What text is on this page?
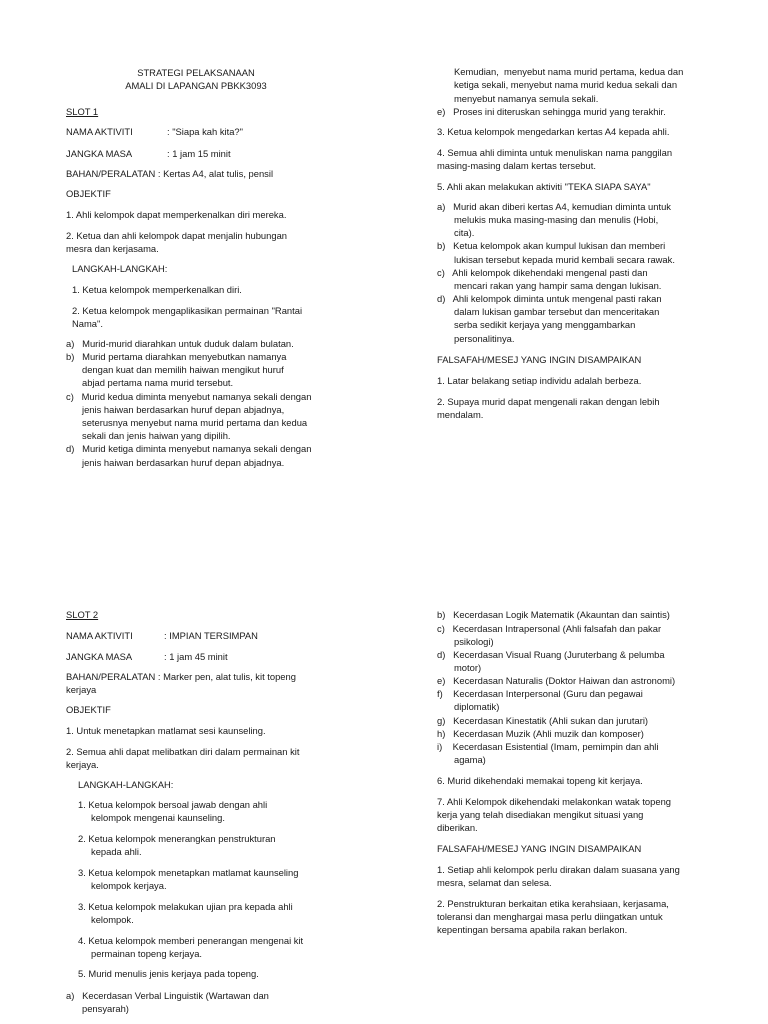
STRATEGI PELAKSANAAN
AMALI DI LAPANGAN PBKK3093
SLOT 1
NAMA AKTIVITI	: "Siapa kah kita?"
JANGKA MASA	: 1 jam 15 minit
BAHAN/PERALATAN : Kertas A4, alat tulis, pensil
OBJEKTIF
1. Ahli kelompok dapat memperkenalkan diri mereka.
2. Ketua dan ahli kelompok dapat menjalin hubungan
mesra dan kerjasama.
LANGKAH-LANGKAH:
1. Ketua kelompok memperkenalkan diri.
2. Ketua kelompok mengaplikasikan permainan "Rantai
Nama".
a)   Murid-murid diarahkan untuk duduk dalam bulatan.
b)   Murid pertama diarahkan menyebutkan namanya
dengan kuat dan memilih haiwan mengikut huruf
abjad pertama nama murid tersebut.
c)   Murid kedua diminta menyebut namanya sekali dengan
jenis haiwan berdasarkan huruf depan abjadnya,
seterusnya menyebut nama murid pertama dan kedua
sekali dan jenis haiwan yang dipilih.
d)   Murid ketiga diminta menyebut namanya sekali dengan
jenis haiwan berdasarkan huruf depan abjadnya.
Kemudian,  menyebut nama murid pertama, kedua dan
ketiga sekali, menyebut nama murid kedua sekali dan
menyebut namanya semula sekali.
e)   Proses ini diteruskan sehingga murid yang terakhir.
3. Ketua kelompok mengedarkan kertas A4 kepada ahli.
4. Semua ahli diminta untuk menuliskan nama panggilan
masing-masing dalam kertas tersebut.
5. Ahli akan melakukan aktiviti "TEKA SIAPA SAYA"
a)   Murid akan diberi kertas A4, kemudian diminta untuk
melukis muka masing-masing dan menulis (Hobi,
cita).
b)   Ketua kelompok akan kumpul lukisan dan memberi
lukisan tersebut kepada murid kembali secara rawak.
c)   Ahli kelompok dikehendaki mengenal pasti dan
mencari rakan yang hampir sama dengan lukisan.
d)   Ahli kelompok diminta untuk mengenal pasti rakan
dalam lukisan gambar tersebut dan menceritakan
serba sedikit kerjaya yang menggambarkan
personalitinya.
FALSAFAH/MESEJ YANG INGIN DISAMPAIKAN
1. Latar belakang setiap individu adalah berbeza.
2. Supaya murid dapat mengenali rakan dengan lebih
mendalam.
SLOT 2
NAMA AKTIVITI	: IMPIAN TERSIMPAN
JANGKA MASA	: 1 jam 45 minit
BAHAN/PERALATAN : Marker pen, alat tulis, kit topeng
kerjaya
OBJEKTIF
1. Untuk menetapkan matlamat sesi kaunseling.
2. Semua ahli dapat melibatkan diri dalam permainan kit
kerjaya.
LANGKAH-LANGKAH:
1. Ketua kelompok bersoal jawab dengan ahli
kelompok mengenai kaunseling.
2. Ketua kelompok menerangkan penstrukturan
kepada ahli.
3. Ketua kelompok menetapkan matlamat kaunseling
kelompok kerjaya.
3. Ketua kelompok melakukan ujian pra kepada ahli
kelompok.
4. Ketua kelompok memberi penerangan mengenai kit
permainan topeng kerjaya.
5. Murid menulis jenis kerjaya pada topeng.
a)   Kecerdasan Verbal Linguistik (Wartawan dan
pensyarah)
b)   Kecerdasan Logik Matematik (Akauntan dan saintis)
c)   Kecerdasan Intrapersonal (Ahli falsafah dan pakar
psikologi)
d)   Kecerdasan Visual Ruang (Juruterbang & pelumba
motor)
e)   Kecerdasan Naturalis (Doktor Haiwan dan astronomi)
f)    Kecerdasan Interpersonal (Guru dan pegawai
diplomatik)
g)   Kecerdasan Kinestatik (Ahli sukan dan jurutari)
h)   Kecerdasan Muzik (Ahli muzik dan komposer)
i)    Kecerdasan Esistential (Imam, pemimpin dan ahli
agama)
6. Murid dikehendaki memakai topeng kit kerjaya.
7. Ahli Kelompok dikehendaki melakonkan watak topeng
kerja yang telah disediakan mengikut situasi yang
diberikan.
FALSAFAH/MESEJ YANG INGIN DISAMPAIKAN
1. Setiap ahli kelompok perlu dirakan dalam suasana yang
mesra, selamat dan selesa.
2. Penstrukturan berkaitan etika kerahsiaan, kerjasama,
toleransi dan menghargai masa perlu diingatkan untuk
kepentingan bersama apabila rakan berlakon.
